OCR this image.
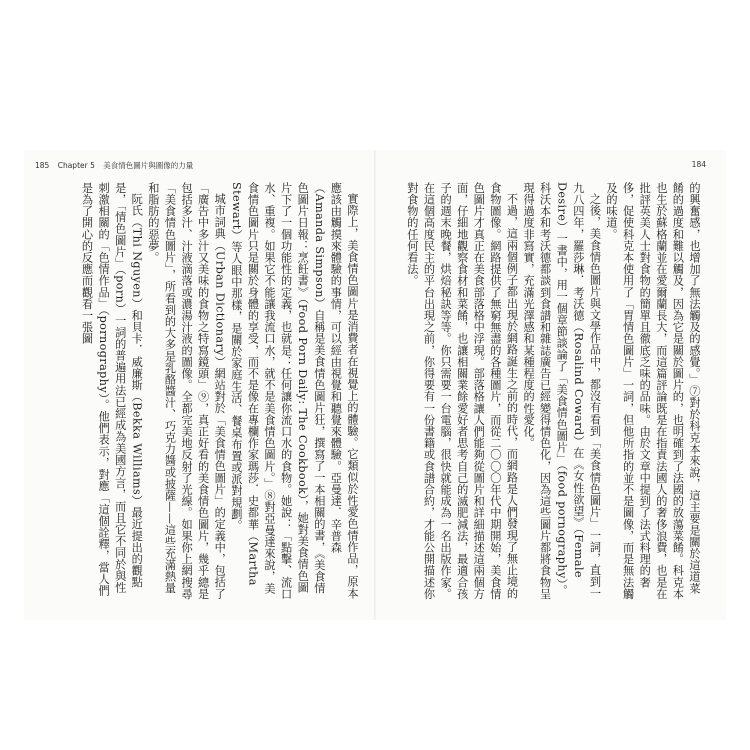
185 Chapter 5 美食情色圖片與圖像的力量	184

的興奮感，也增加了無法觸及的感覺。」⑦對於科克本來說，這主要是關於這道菜餚的過度和難以觸及，因為它是關於圖片的，也明確到了法國的放蕩菜餚。科克本也生於蘇格蘭並在愛爾蘭長大，而這篇評論既是在指責法國人的奢侈浪費，也是在批評英美人士對食物的簡單且徹底乏味的品味。由於文章中提到了法式料理的奢侈，促使科克本使用了「胃情色圖片」一詞，但他所指的並不是圖像，而是無法觸及的味道。

之後，美食情色圖片與文學作品中，都沒有看到「美食情色圖片」一詞，直到一九八四年，羅莎琳．考沃德（Rosalind Coward）在《女性欲望》（Female Desire）一書中，用一個章節談論了「美食情色圖片」（food pornography）。科沃本和考沃德都談到食譜和雜誌廣告已經變得情色化，因為這些圖片都將食物呈現得過度非寫實，充滿光澤感和某種程度的性愛化。

不過，這兩個例子都出現於網路誕生之前的時代，而網路是人們發現了無止境的食物圖像。網路提供了無窮無盡的各種圖片，而從二〇〇〇年代中期開始，美食情色圖片才真正在美食部落格中浮現。部落格讓人們能夠從圖片和詳細描述這兩個方面，仔細地觀察食材和菜餚，也讓相關業餘愛好者思考自己的滅肥減法，最適合孩子的週末晚餐，烘焙秘訣等等。你只需要一台電腦，很快就能成為一名出版作家。在這個高度民主的平台出現之前，你得要有一份書籍或食譜合約，才能公開描述你對食物的任何看法。

實際上，美食情色圖片是消費者在視覺上的體驗。它類似於性愛色情作品，原本應該由觸摸來體驗的事情，可以經由視覺和聽覺來體驗。亞曼達．辛普森（Amanda Simpson）自稱是美食情色圖片狂，撰寫了一本相關的書，《美食情色圖片日報：烹飪書》（Food Porn Daily: The Cookbook），她對美食情色圖片下了一個功能性的定義，也就是：任何讓你流口水的食物。她說：「點擊、流口水、重複。如果它不能讓我流口水，就不是美食情色圖片。」⑧對亞曼達來說，美食情色圖片只是關於身體的享受，而不是像在專欄作家瑪莎．史都華（Martha Stewart）等人眼中那樣，是關於家庭生活、餐桌布置或派對規劃。

城市詞典（Urban Dictionary）網站對於「美食情色圖片」的定義中，包括了「廣告中多汁又美味的食物之特寫鏡頭」⑨，真正好看的美食情色圖片，幾乎總是包括多汁、汁液滴落或濃湯汁液的圖像。全都完美地反射了光線。如果你上網搜尋「美食情色圖片」，所看到的大多是乳酪醬汁、巧克力醬或披薩——這些充滿熱量和脂肪的惡夢。

阮氏（Thi Nguyen）和貝卡．威廉斯（Bekka Williams）最近提出的觀點是，「情色圖片」（porn）一詞的普遍用法已經成為美國方言，而且它不同於與性刺激相關的「色情作品」（pornography）。他們表示，對應「這個詮釋，當人們是為了開心的反應而觀看一張圖
